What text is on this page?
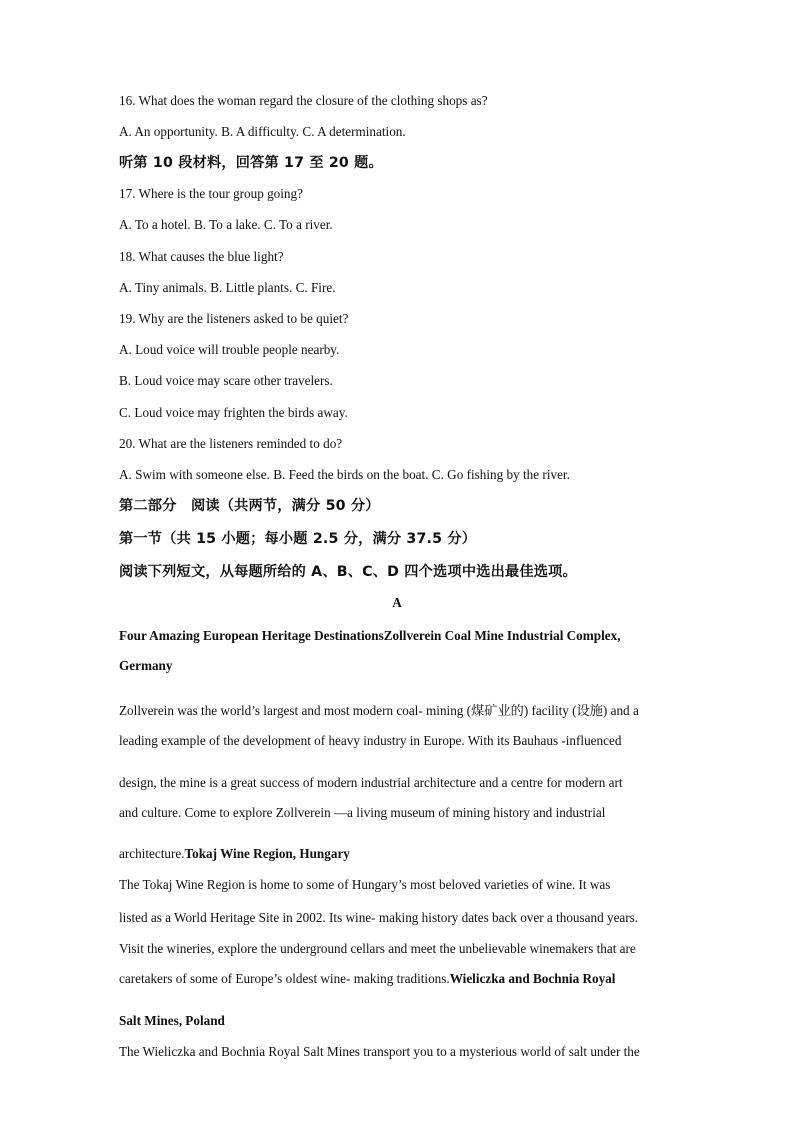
16. What does the woman regard the closure of the clothing shops as?
A. An opportunity. B. A difficulty. C. A determination.
听第 10 段材料，回答第 17 至 20 题。
17. Where is the tour group going?
A. To a hotel. B. To a lake. C. To a river.
18. What causes the blue light?
A. Tiny animals. B. Little plants. C. Fire.
19. Why are the listeners asked to be quiet?
A. Loud voice will trouble people nearby.
B. Loud voice may scare other travelers.
C. Loud voice may frighten the birds away.
20. What are the listeners reminded to do?
A. Swim with someone else. B. Feed the birds on the boat. C. Go fishing by the river.
第二部分　阅读（共两节，满分 50 分）
第一节（共 15 小题；每小题 2.5 分，满分 37.5 分）
阅读下列短文，从每题所给的 A、B、C、D 四个选项中选出最佳选项。
A
Four Amazing European Heritage DestinationsZollverein Coal Mine Industrial Complex,
Germany
Zollverein was the world’s largest and most modern coal- mining (煤矿业的) facility (设施) and a
leading example of the development of heavy industry in Europe. With its Bauhaus -influenced
design, the mine is a great success of modern industrial architecture and a centre for modern art
and culture. Come to explore Zollverein —a living museum of mining history and industrial
architecture.Tokaj Wine Region, Hungary
The Tokaj Wine Region is home to some of Hungary’s most beloved varieties of wine. It was
listed as a World Heritage Site in 2002. Its wine- making history dates back over a thousand years.
Visit the wineries, explore the underground cellars and meet the unbelievable winemakers that are
caretakers of some of Europe’s oldest wine- making traditions.Wieliczka and Bochnia Royal
Salt Mines, Poland
The Wieliczka and Bochnia Royal Salt Mines transport you to a mysterious world of salt under the
